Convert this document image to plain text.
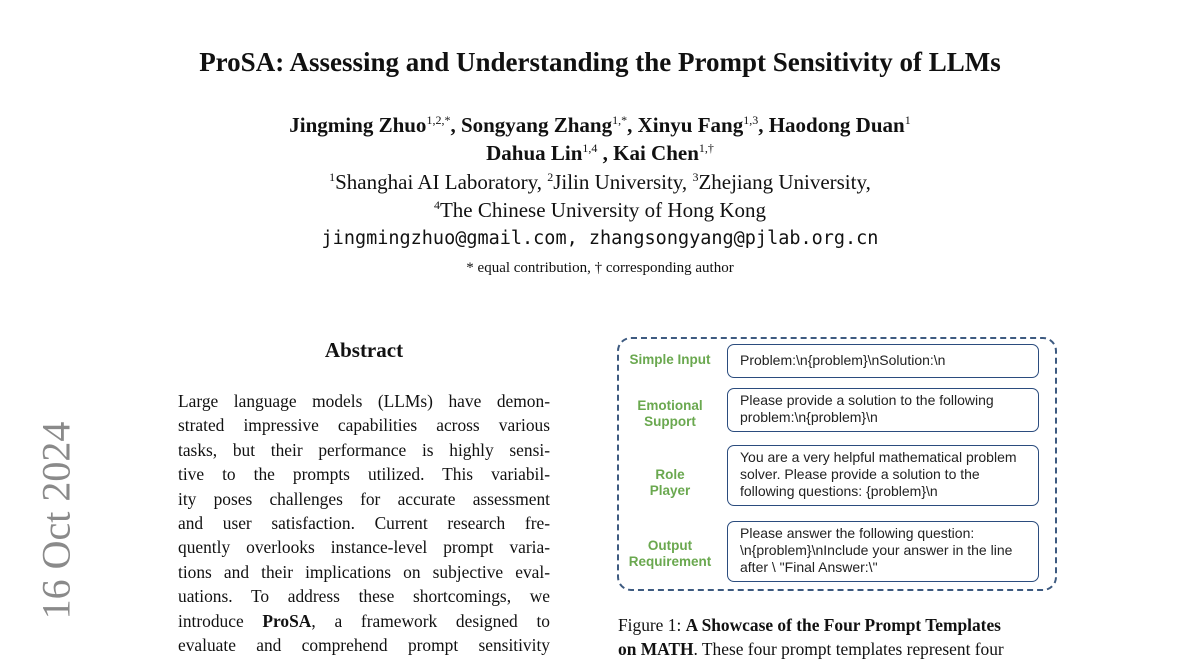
16 Oct 2024
ProSA: Assessing and Understanding the Prompt Sensitivity of LLMs
Jingming Zhuo$^{1,2,*}$, Songyang Zhang$^{1,*}$, Xinyu Fang$^{1,3}$, Haodong Duan$^1$
Dahua Lin$^{1,4}$ , Kai Chen$^{1,\dagger}$
$^1$Shanghai AI Laboratory, $^2$Jilin University, $^3$Zhejiang University,
$^4$The Chinese University of Hong Kong
jingmingzhuo@gmail.com, zhangsongyang@pjlab.org.cn
* equal contribution, † corresponding author
Abstract
Large language models (LLMs) have demon-
strated impressive capabilities across various
tasks, but their performance is highly sensi-
tive to the prompts utilized. This variabil-
ity poses challenges for accurate assessment
and user satisfaction. Current research fre-
quently overlooks instance-level prompt varia-
tions and their implications on subjective eval-
uations. To address these shortcomings, we
introduce ProSA, a framework designed to
evaluate and comprehend prompt sensitivity
Simple Input	Problem:\n{problem}\nSolution:\n
Emotional Support
Please provide a solution to the following problem:\n{problem}\n
Role Player
You are a very helpful mathematical problem solver. Please provide a solution to the following questions: {problem}\n
Output Requirement
Please answer the following question: \n{problem}\nInclude your answer in the line after \ "Final Answer:\"
Figure 1: A Showcase of the Four Prompt Templates
on MATH. These four prompt templates represent four
